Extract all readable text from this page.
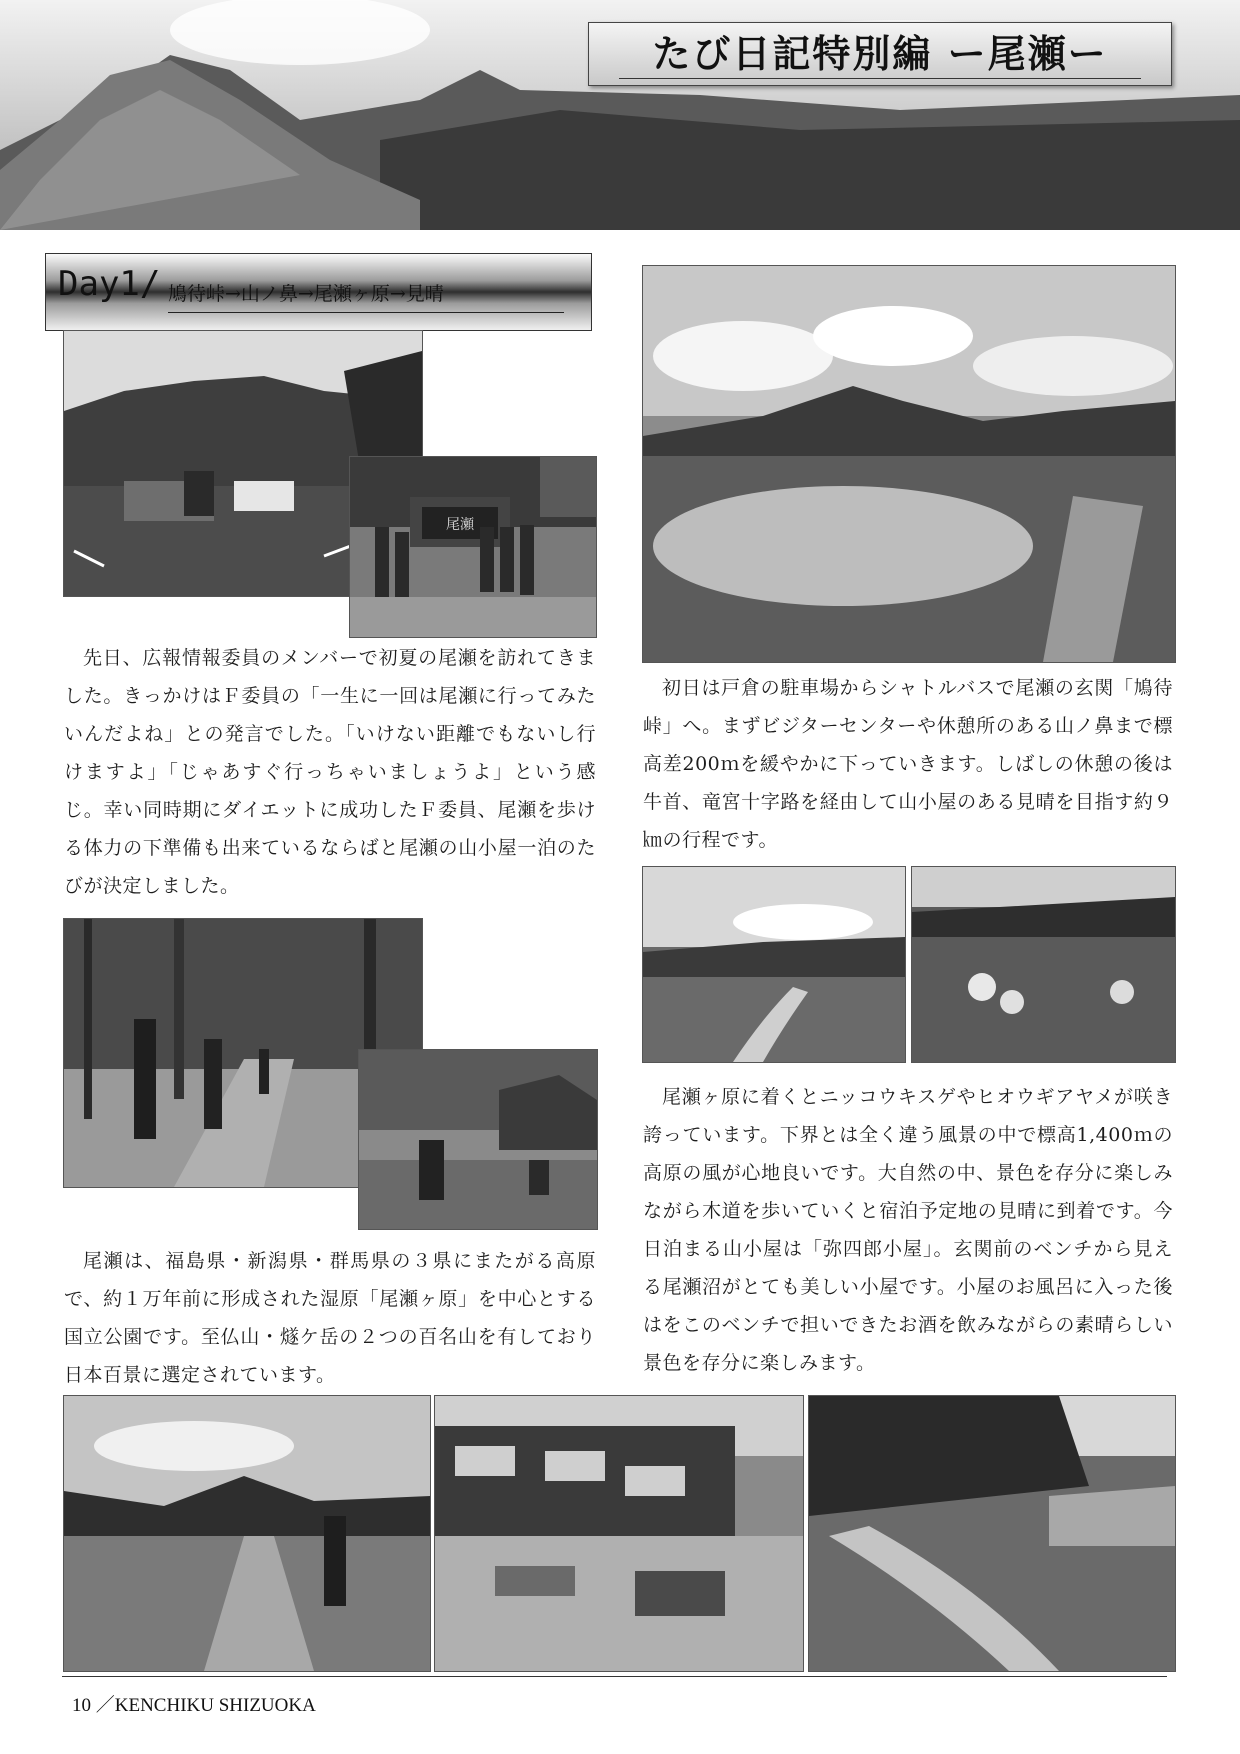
たび日記特別編 ー尾瀬ー
Day1/ 鳩待峠→山ノ鼻→尾瀬ヶ原→見晴
尾瀬
先日、広報情報委員のメンバーで初夏の尾瀬を訪れてきました。きっかけはＦ委員の「一生に一回は尾瀬に行ってみたいんだよね」との発言でした。「いけない距離でもないし行けますよ」「じゃあすぐ行っちゃいましょうよ」という感じ。幸い同時期にダイエットに成功したＦ委員、尾瀬を歩ける体力の下準備も出来ているならばと尾瀬の山小屋一泊のたびが決定しました。
尾瀬は、福島県・新潟県・群馬県の３県にまたがる高原で、約１万年前に形成された湿原「尾瀬ヶ原」を中心とする国立公園です。至仏山・燧ケ岳の２つの百名山を有しており日本百景に選定されています。
初日は戸倉の駐車場からシャトルバスで尾瀬の玄関「鳩待峠」へ。まずビジターセンターや休憩所のある山ノ鼻まで標高差200ｍを緩やかに下っていきます。しばしの休憩の後は牛首、竜宮十字路を経由して山小屋のある見晴を目指す約９㎞の行程です。
尾瀬ヶ原に着くとニッコウキスゲやヒオウギアヤメが咲き誇っています。下界とは全く違う風景の中で標高1,400ｍの高原の風が心地良いです。大自然の中、景色を存分に楽しみながら木道を歩いていくと宿泊予定地の見晴に到着です。今日泊まる山小屋は「弥四郎小屋」。玄関前のベンチから見える尾瀬沼がとても美しい小屋です。小屋のお風呂に入った後はをこのベンチで担いできたお酒を飲みながらの素晴らしい景色を存分に楽しみます。
10 ／KENCHIKU SHIZUOKA
